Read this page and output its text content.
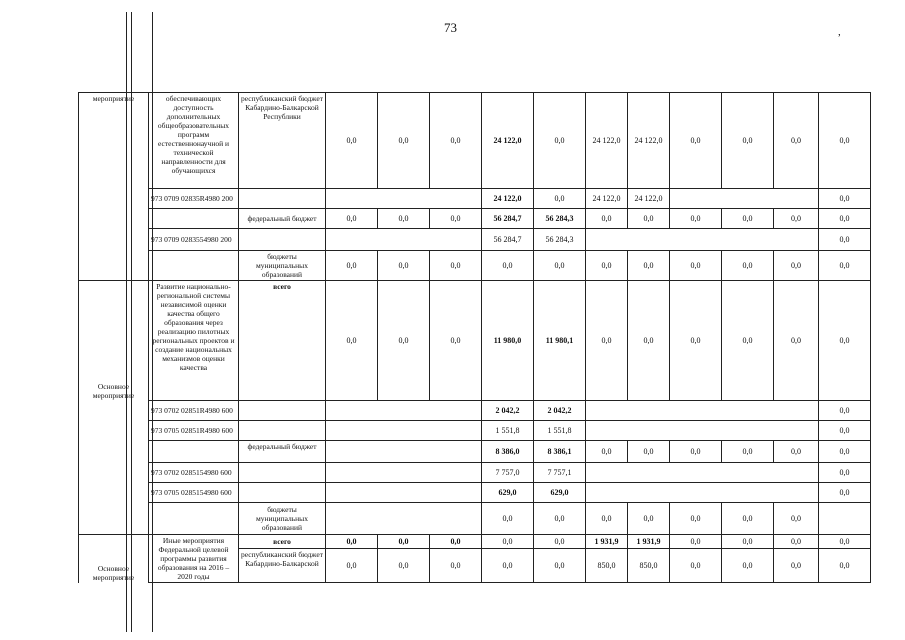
73	,
мероприятие	обеспечивающих доступность дополнительных общеобразовательных программ естественнонаучной и технической направленности для обучающихся	республиканский бюджет Кабардино-Балкарской Республики	0,0	0,0	0,0	24 122,0	0,0	24 122,0	24 122,0	0,0	0,0	0,0	0,0
	973 0709 02835R4980 200					24 122,0	0,0	24 122,0	24 122,0				0,0
		федеральный бюджет	0,0	0,0	0,0	56 284,7	56 284,3	0,0	0,0	0,0	0,0	0,0	0,0
	973 0709 0283554980 200					56 284,7	56 284,3						0,0
		бюджеты муниципальных образований	0,0	0,0	0,0	0,0	0,0	0,0	0,0	0,0	0,0	0,0	0,0
Основное мероприятие	Развитие национально-региональной системы независимой оценки качества общего образования через реализацию пилотных региональных проектов и создание национальных механизмов оценки качества	всего	0,0	0,0	0,0	11 980,0	11 980,1	0,0	0,0	0,0	0,0	0,0	0,0
	973 0702 02851R4980 600					2 042,2	2 042,2						0,0
	973 0705 02851R4980 600					1 551,8	1 551,8						0,0
		федеральный бюджет				8 386,0	8 386,1	0,0	0,0	0,0	0,0	0,0	0,0
	973 0702 0285154980 600					7 757,0	7 757,1						0,0
	973 0705 0285154980 600					629,0	629,0						0,0
		бюджеты муниципальных образований				0,0	0,0	0,0	0,0	0,0	0,0	0,0	
Основное мероприятие	Иные мероприятия Федеральной целевой программы развития образования на 2016 – 2020 годы	всего	0,0	0,0	0,0	0,0	0,0	1 931,9	1 931,9	0,0	0,0	0,0	0,0
		республиканский бюджет Кабардино-Балкарской	0,0	0,0	0,0	0,0	0,0	850,0	850,0	0,0	0,0	0,0	0,0
